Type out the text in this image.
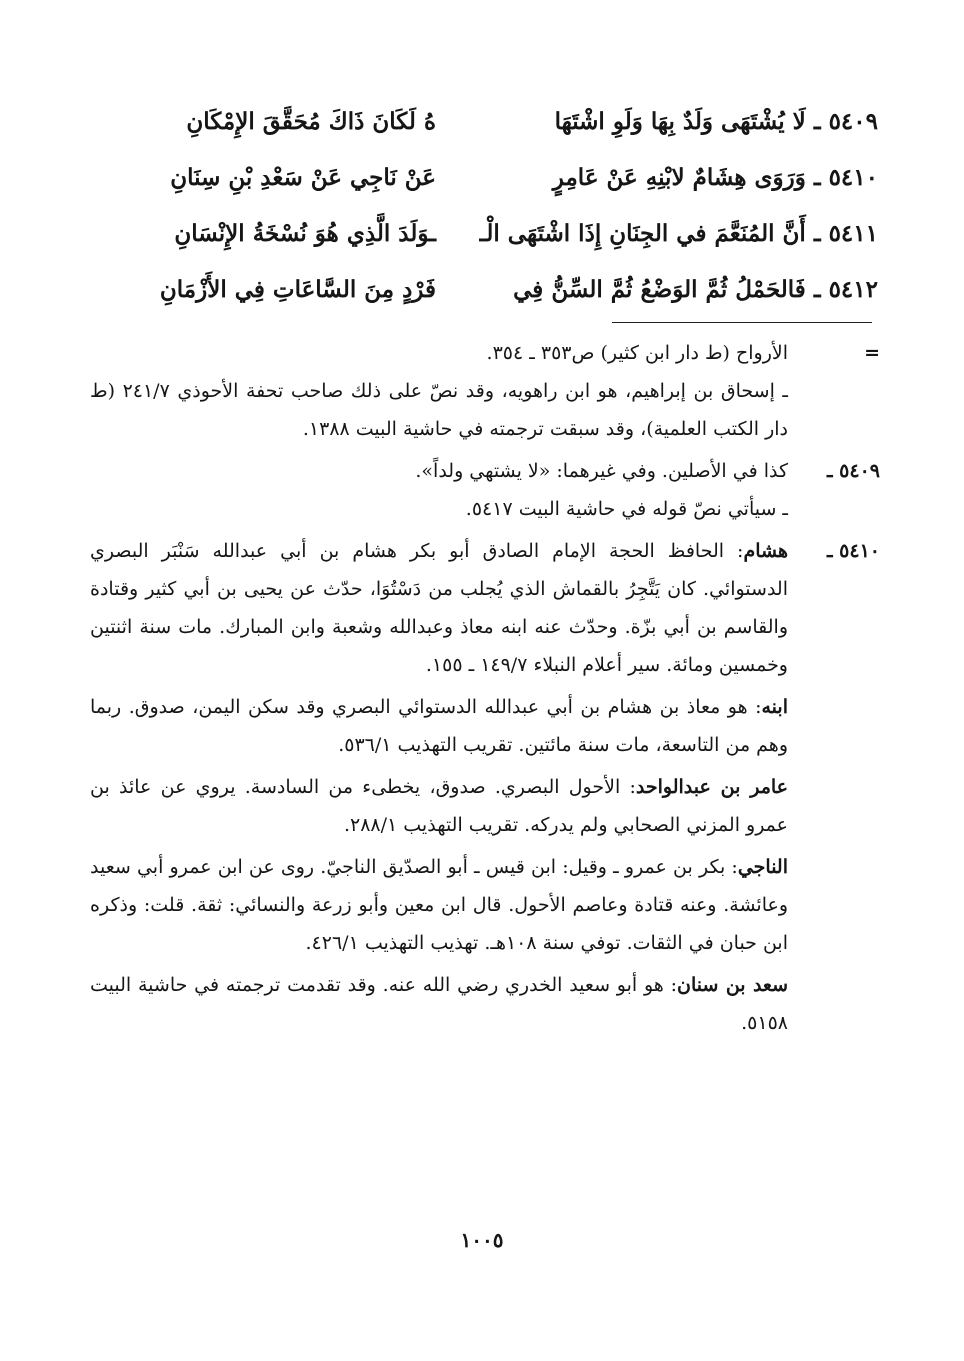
٥٤٠٩ ـ لَا يُشْتَهَى وَلَدٌ بِهَا وَلَوِ اشْتَهَا
هُ لَكَانَ ذَاكَ مُحَقَّقَ الإِمْكَانِ
٥٤١٠ ـ وَرَوَى هِشَامٌ لابْنِهِ عَنْ عَامِرٍ
عَنْ نَاجِي عَنْ سَعْدِ بْنِ سِنَانِ
٥٤١١ ـ أَنَّ المُنَعَّمَ في الجِنَانِ إِذَا اشْتَهَى الْـ
ـوَلَدَ الَّذِي هُوَ نُسْخَةُ الإِنْسَانِ
٥٤١٢ ـ فَالحَمْلُ ثُمَّ الوَضْعُ ثُمَّ السِّنُّ فِي
فَرْدٍ مِنَ السَّاعَاتِ فِي الأَزْمَانِ
=

الأرواح (ط دار ابن كثير) ص٣٥٣ ـ ٣٥٤.

ـ إسحاق بن إبراهيم، هو ابن راهويه، وقد نصّ على ذلك صاحب تحفة الأحوذي ٢٤١/٧ (ط دار الكتب العلمية)، وقد سبقت ترجمته في حاشية البيت ١٣٨٨.

٥٤٠٩ ـ

كذا في الأصلين. وفي غيرهما: «لا يشتهي ولداً».

ـ سيأتي نصّ قوله في حاشية البيت ٥٤١٧.

٥٤١٠ ـ

هشام: الحافظ الحجة الإمام الصادق أبو بكر هشام بن أبي عبدالله سَنْبَر البصري الدستوائي. كان يَتَّجِرُ بالقماش الذي يُجلب من دَسْتُوَا، حدّث عن يحيى بن أبي كثير وقتادة والقاسم بن أبي بزّة. وحدّث عنه ابنه معاذ وعبدالله وشعبة وابن المبارك. مات سنة اثنتين وخمسين ومائة. سير أعلام النبلاء ١٤٩/٧ ـ ١٥٥.

ابنه: هو معاذ بن هشام بن أبي عبدالله الدستوائي البصري وقد سكن اليمن، صدوق. ربما وهم من التاسعة، مات سنة مائتين. تقريب التهذيب ٥٣٦/١.
عامر بن عبدالواحد: الأحول البصري. صدوق، يخطىء من السادسة. يروي عن عائذ بن عمرو المزني الصحابي ولم يدركه. تقريب التهذيب ٢٨٨/١.
الناجي: بكر بن عمرو ـ وقيل: ابن قيس ـ أبو الصدّيق الناجيّ. روى عن ابن عمرو أبي سعيد وعائشة. وعنه قتادة وعاصم الأحول. قال ابن معين وأبو زرعة والنسائي: ثقة. قلت: وذكره ابن حبان في الثقات. توفي سنة ١٠٨هـ. تهذيب التهذيب ٤٢٦/١.
سعد بن سنان: هو أبو سعيد الخدري رضي الله عنه. وقد تقدمت ترجمته في حاشية البيت ٥١٥٨.
١٠٠٥
